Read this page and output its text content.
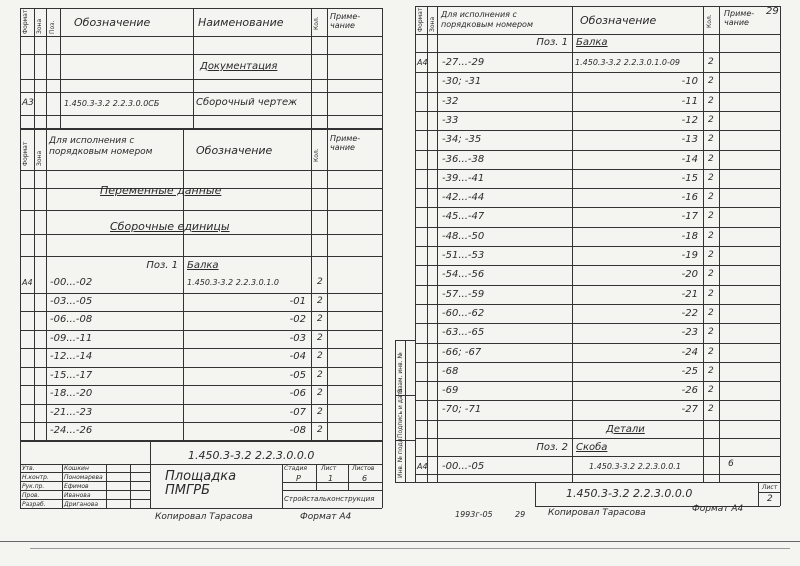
Формат Зона Поз. Обозначение	Наименование	Кол. Приме- чание
Документация
А3	1.450.3-3.2 2.2.3.0.0СБ	Сборочный чертеж
Формат Зона
Для исполнения с порядковым номером	Обозначение	Кол.
Приме- чание
Переменные данные
Сборочные единицы
Поз. 1 Балка
А4 -00...-02	1.450.3-3.2 2.2.3.0.1.0	2
-03...-05	-01 2
-06...-08	-02 2
-09...-11	-03 2
-12...-14	-04 2
-15...-17	-05 2
-18...-20	-06 2
-21...-23	-07 2
-24...-26	-08 2
1.450.3-3.2 2.2.3.0.0.0
Площадка ПМГРБ
Утв.	Кошкин
Н.контр.	Пономарева
Рук.пр.	Ефимов
Пров.	Иванова
Разраб.	Дриганова
Стадия Лист	Листов
Р	1	6
Стройстальконструкция
Копировал Тарасова	Формат А4
Формат Зона
Для исполнения с порядковым номером	Обозначение	Кол.
Приме- чание
29
Поз. 1 Балка
А4 -27...-29	1.450.3-3.2 2.2.3.0.1.0-09	2
-30; -31	-10 2
-32	-11 2
-33	-12 2
-34; -35	-13 2
-36...-38	-14 2
-39...-41	-15 2
-42...-44	-16 2
-45...-47	-17 2
-48...-50	-18 2
-51...-53	-19 2
-54...-56	-20 2
-57...-59	-21 2
-60...-62	-22 2
-63...-65	-23 2
-66; -67	-24 2
-68	-25 2
-69	-26 2
-70; -71	-27 2
Детали
Поз. 2 Скоба
А4 -00...-05	1.450.3-3.2 2.2.3.0.0.1	6
Инв. № подл.
Подпись и дата
Взам. инв. №
1.450.3-3.2 2.2.3.0.0.0	Лист
2
1993г-05	29	Копировал Тарасова	Формат А4
